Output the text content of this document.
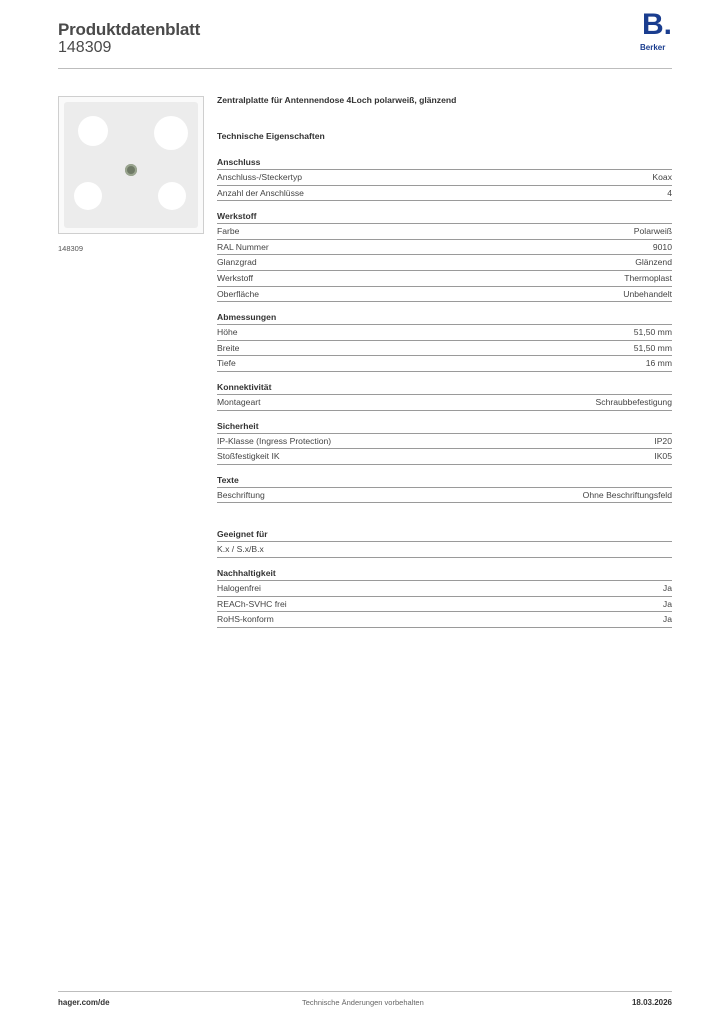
Produktdatenblatt
148309
B.
Berker
148309
Zentralplatte für Antennendose 4Loch polarweiß, glänzend
Technische Eigenschaften
Anschluss
Anschluss-/Steckertyp	Koax
Anzahl der Anschlüsse	4
Werkstoff
Farbe	Polarweiß
RAL Nummer	9010
Glanzgrad	Glänzend
Werkstoff	Thermoplast
Oberfläche	Unbehandelt
Abmessungen
Höhe	51,50 mm
Breite	51,50 mm
Tiefe	16 mm
Konnektivität
Montageart	Schraubbefestigung
Sicherheit
IP-Klasse (Ingress Protection)	IP20
Stoßfestigkeit IK	IK05
Texte
Beschriftung	Ohne Beschriftungsfeld
Geeignet für
K.x / S.x/B.x
Nachhaltigkeit
Halogenfrei	Ja
REACh-SVHC frei	Ja
RoHS-konform	Ja
hager.com/de	Technische Änderungen vorbehalten	18.03.2026
